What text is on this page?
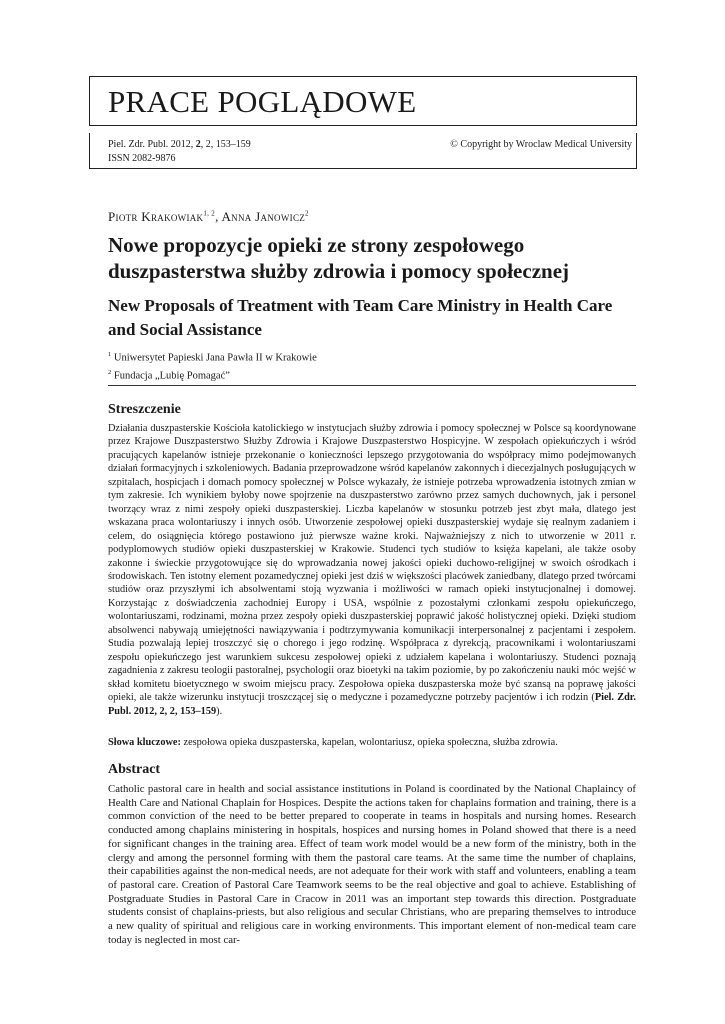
PRACE POGLĄDOWE
Piel. Zdr. Publ. 2012, 2, 2, 153–159
ISSN 2082-9876
© Copyright by Wroclaw Medical University
Piotr Krakowiak$^{1, 2}$, Anna Janowicz$^2$
Nowe propozycje opieki ze strony zespołowego
duszpasterstwa służby zdrowia i pomocy społecznej
New Proposals of Treatment with Team Care Ministry in Health Care
and Social Assistance
$^1$ Uniwersytet Papieski Jana Pawła II w Krakowie
$^2$ Fundacja „Lubię Pomagać”
Streszczenie

Działania duszpasterskie Kościoła katolickiego w instytucjach służby zdrowia i pomocy społecznej w Polsce są koordynowane przez Krajowe Duszpasterstwo Służby Zdrowia i Krajowe Duszpasterstwo Hospicyjne. W zespołach opiekuńczych i wśród pracujących kapelanów istnieje przekonanie o konieczności lepszego przygotowania do współpracy mimo podejmowanych działań formacyjnych i szkoleniowych. Badania przeprowadzone wśród kapelanów zakonnych i diecezjalnych posługujących w szpitalach, hospicjach i domach pomocy społecznej w Polsce wykazały, że istnieje potrzeba wprowadzenia istotnych zmian w tym zakresie. Ich wynikiem byłoby nowe spojrzenie na duszpasterstwo zarówno przez samych duchownych, jak i personel tworzący wraz z nimi zespoły opieki duszpasterskiej. Liczba kapelanów w stosunku potrzeb jest zbyt mała, dlatego jest wskazana praca wolontariuszy i innych osób. Utworzenie zespołowej opieki duszpasterskiej wydaje się realnym zadaniem i celem, do osiągnięcia którego postawiono już pierwsze ważne kroki. Najważniejszy z nich to utworzenie w 2011 r. podyplomowych studiów opieki duszpasterskiej w Krakowie. Studenci tych studiów to księża kapelani, ale także osoby zakonne i świeckie przygotowujące się do wprowadzania nowej jakości opieki duchowo-religijnej w swoich ośrodkach i środowiskach. Ten istotny element pozamedycznej opieki jest dziś w większości placówek zaniedbany, dlatego przed twórcami studiów oraz przyszłymi ich absolwentami stoją wyzwania i możliwości w ramach opieki instytucjonalnej i domowej. Korzystając z doświadczenia zachodniej Europy i USA, wspólnie z pozostałymi członkami zespołu opiekuńczego, wolontariuszami, rodzinami, można przez zespoły opieki duszpasterskiej poprawić jakość holistycznej opieki. Dzięki studiom absolwenci nabywają umiejętności nawiązywania i podtrzymywania komunikacji interpersonalnej z pacjentami i zespołem. Studia pozwalają lepiej troszczyć się o chorego i jego rodzinę. Współpraca z dyrekcją, pracownikami i wolontariuszami zespołu opiekuńczego jest warunkiem sukcesu zespołowej opieki z udziałem kapelana i wolontariuszy. Studenci poznają zagadnienia z zakresu teologii pastoralnej, psychologii oraz bioetyki na takim poziomie, by po zakończeniu nauki móc wejść w skład komitetu bioetycznego w swoim miejscu pracy. Zespołowa opieka duszpasterska może być szansą na poprawę jakości opieki, ale także wizerunku instytucji troszczącej się o medyczne i pozamedyczne potrzeby pacjentów i ich rodzin (Piel. Zdr. Publ. 2012, 2, 2, 153–159).

Słowa kluczowe: zespołowa opieka duszpasterska, kapelan, wolontariusz, opieka społeczna, służba zdrowia.
Abstract

Catholic pastoral care in health and social assistance institutions in Poland is coordinated by the National Chaplaincy of Health Care and National Chaplain for Hospices. Despite the actions taken for chaplains formation and training, there is a common conviction of the need to be better prepared to cooperate in teams in hospitals and nursing homes. Research conducted among chaplains ministering in hospitals, hospices and nursing homes in Poland showed that there is a need for significant changes in the training area. Effect of team work model would be a new form of the ministry, both in the clergy and among the personnel forming with them the pastoral care teams. At the same time the number of chaplains, their capabilities against the non-medical needs, are not adequate for their work with staff and volunteers, enabling a team of pastoral care. Creation of Pastoral Care Teamwork seems to be the real objective and goal to achieve. Establishing of Postgraduate Studies in Pastoral Care in Cracow in 2011 was an important step towards this direction. Postgraduate students consist of chaplains-priests, but also religious and secular Christians, who are preparing themselves to introduce a new quality of spiritual and religious care in working environments. This important element of non-medical team care today is neglected in most car-
